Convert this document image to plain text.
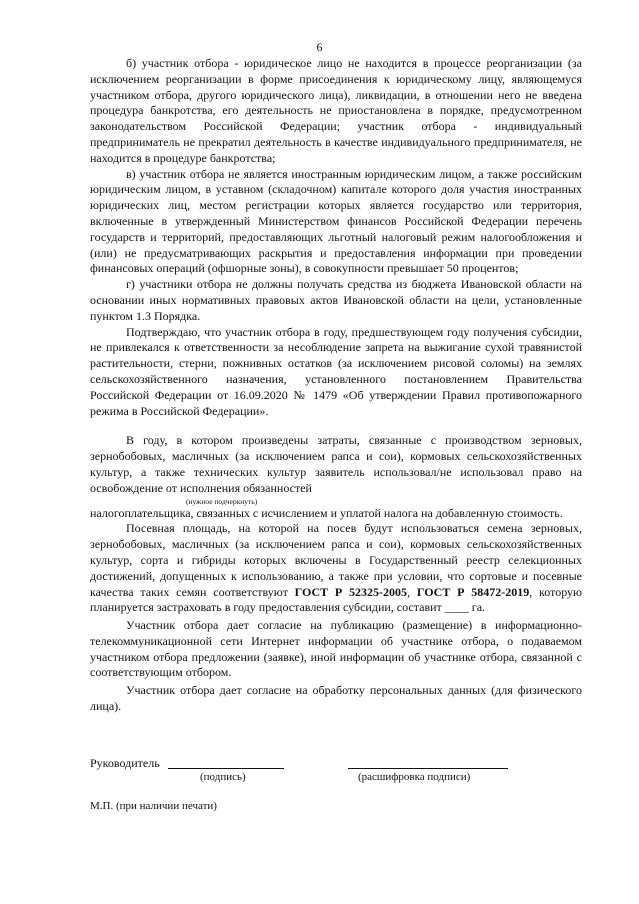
6

б) участник отбора - юридическое лицо не находится в процессе реорганизации (за исключением реорганизации в форме присоединения к юридическому лицу, являющемуся участником отбора, другого юридического лица), ликвидации, в отношении него не введена процедура банкротства, его деятельность не приостановлена в порядке, предусмотренном законодательством Российской Федерации; участник отбора - индивидуальный предприниматель не прекратил деятельность в качестве индивидуального предпринимателя, не находится в процедуре банкротства;

в) участник отбора не является иностранным юридическим лицом, а также российским юридическим лицом, в уставном (складочном) капитале которого доля участия иностранных юридических лиц, местом регистрации которых является государство или территория, включенные в утвержденный Министерством финансов Российской Федерации перечень государств и территорий, предоставляющих льготный налоговый режим налогообложения и (или) не предусматривающих раскрытия и предоставления информации при проведении финансовых операций (офшорные зоны), в совокупности превышает 50 процентов;

г) участники отбора не должны получать средства из бюджета Ивановской области на основании иных нормативных правовых актов Ивановской области на цели, установленные пунктом 1.3 Порядка.

Подтверждаю, что участник отбора в году, предшествующем году получения субсидии, не привлекался к ответственности за несоблюдение запрета на выжигание сухой травянистой растительности, стерни, пожнивных остатков (за исключением рисовой соломы) на землях сельскохозяйственного назначения, установленного постановлением Правительства Российской Федерации от 16.09.2020 № 1479 «Об утверждении Правил противопожарного режима в Российской Федерации».

В году, в котором произведены затраты, связанные с производством зерновых, зернобобовых, масличных (за исключением рапса и сои), кормовых сельскохозяйственных культур, а также технических культур заявитель использовал/не использовал право на освобождение от исполнения обязанностей

(нужное подчеркнуть)

налогоплательщика, связанных с исчислением и уплатой налога на добавленную стоимость.

Посевная площадь, на которой на посев будут использоваться семена зерновых, зернобобовых, масличных (за исключением рапса и сои), кормовых сельскохозяйственных культур, сорта и гибриды которых включены в Государственный реестр селекционных достижений, допущенных к использованию, а также при условии, что сортовые и посевные качества таких семян соответствуют ГОСТ Р 52325-2005, ГОСТ Р 58472-2019, которую планируется застраховать в году предоставления субсидии, составит ____ га.

Участник отбора дает согласие на публикацию (размещение) в информационно-телекоммуникационной сети Интернет информации об участнике отбора, о подаваемом участником отбора предложении (заявке), иной информации об участнике отбора, связанной с соответствующим отбором.

Участник отбора дает согласие на обработку персональных данных (для физического лица).

Руководитель
(подпись)	(расшифровка подписи)
М.П. (при наличии печати)
